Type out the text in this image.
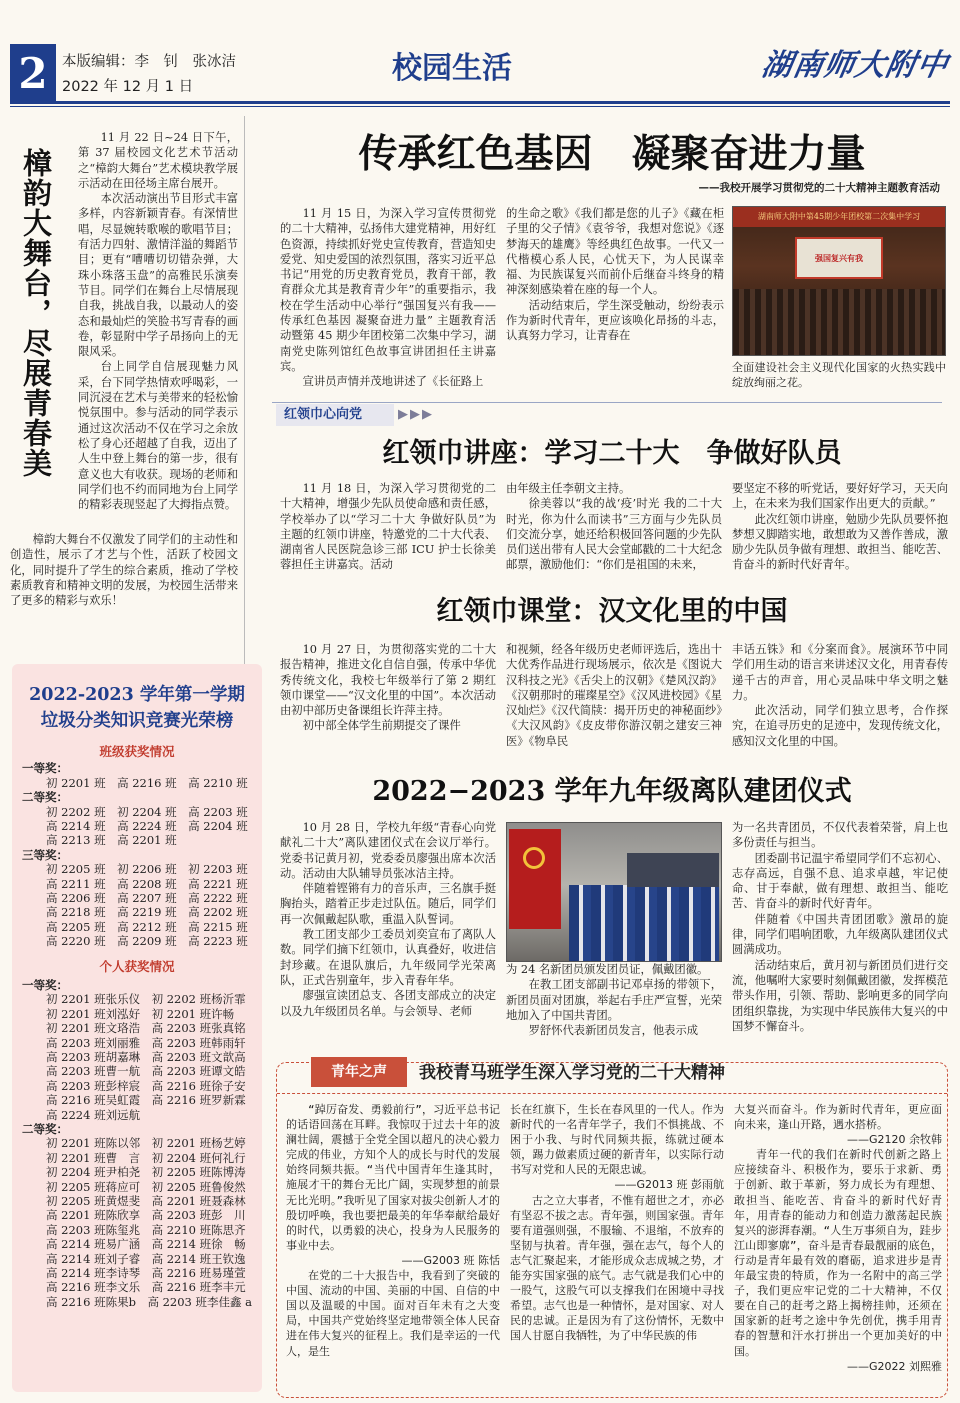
2 本版编辑：李　钊　张冰洁
2022 年 12 月 1 日
校园生活	湖南师大附中
樟韵大舞台，尽展青春美

11 月 22 日~24 日下午，第 37 届校园文化艺术节活动之“樟韵大舞台”艺术模块教学展示活动在田径场主席台展开。

本次活动演出节目形式丰富多样，内容新颖青春。有深情世唱，尽显婉转歌喉的歌唱节目；有活力四射、激情洋溢的舞蹈节目；更有“嘈嘈切切错杂弹，大珠小珠落玉盘”的高雅民乐演奏节目。同学们在舞台上尽情展现自我，挑战自我，以最动人的姿态和最灿烂的笑脸书写青春的画卷，彰显附中学子昂扬向上的无限风采。

台上同学自信展现魅力风采，台下同学热情欢呼喝彩，一同沉浸在艺术与美带来的轻松愉悦氛围中。参与活动的同学表示通过这次活动不仅在学习之余放松了身心还超越了自我，迈出了人生中登上舞台的第一步，很有意义也大有收获。现场的老师和同学们也不约而同地为台上同学的精彩表现竖起了大拇指点赞。

樟韵大舞台不仅激发了同学们的主动性和创造性，展示了才艺与个性，活跃了校园文化，同时提升了学生的综合素质，推动了学校素质教育和精神文明的发展，为校园生活带来了更多的精彩与欢乐！

2022-2023 学年第一学期
垃圾分类知识竞赛光荣榜
班级获奖情况
一等奖：
初 2201 班　高 2216 班　高 2210 班
二等奖：
初 2202 班　初 2204 班　高 2203 班
高 2214 班　高 2224 班　高 2204 班
高 2213 班　高 2201 班
三等奖：
初 2205 班　初 2206 班　初 2203 班
高 2211 班　高 2208 班　高 2221 班
高 2206 班　高 2207 班　高 2222 班
高 2218 班　高 2219 班　高 2202 班
高 2205 班　高 2212 班　高 2215 班
高 2220 班　高 2209 班　高 2223 班
个人获奖情况
一等奖：
初 2201 班张乐仪　初 2202 班杨沂霏
初 2201 班刘泓好　初 2201 班许畅
初 2201 班文珞浩　高 2203 班张真铭
高 2203 班刘丽雅　高 2203 班韩雨轩
高 2203 班胡嘉琳　高 2203 班文歆高
高 2203 班曹一航　高 2203 班谭文皓
高 2203 班彭梓宸　高 2216 班徐子安
高 2216 班吴虹霞　高 2216 班罗新霖
高 2224 班刘远航
二等奖：
初 2201 班陈以邻　初 2201 班杨艺婷
初 2201 班曹　言　初 2204 班何礼行
初 2204 班尹柏尧　初 2205 班陈博涛
初 2205 班蒋应可　初 2205 班鲁俊然
初 2205 班黄煜斐　高 2201 班聂森林
高 2201 班陈欣享　高 2203 班彭　川
高 2203 班陈玺兆　高 2210 班陈思齐
高 2214 班易广涵　高 2214 班徐　畅
高 2214 班刘子睿　高 2214 班王钦逸
高 2214 班李诗琴　高 2216 班易瑾萱
高 2216 班李文乐　高 2216 班李丰元
高 2216 班陈果b　高 2203 班李佳鑫 a
传承红色基因　凝聚奋进力量
——我校开展学习贯彻党的二十大精神主题教育活动

11 月 15 日，为深入学习宣传贯彻党的二十大精神，弘扬伟大建党精神，用好红色资源，持续抓好党史宣传教育，营造知史爱党、知史爱国的浓烈氛围，落实习近平总书记“用党的历史教育党员，教育干部，教育群众尤其是教育青少年”的重要指示，我校在学生活动中心举行“强国复兴有我——传承红色基因 凝聚奋进力量” 主题教育活动暨第 45 期少年团校第二次集中学习，湖南党史陈列馆红色故事宣讲团担任主讲嘉宾。

宣讲员声情并茂地讲述了《长征路上

的生命之歌》《我们都是您的儿子》《藏在柜子里的父子情》《袁爷爷，我想对您说》《逐梦海天的雄鹰》等经典红色故事。一代又一代楷模心系人民，心忧天下，为人民谋幸福、为民族谋复兴而前仆后继奋斗终身的精神深刻感染着在座的每一个人。

活动结束后，学生深受触动，纷纷表示作为新时代青年，更应该唤化昂扬的斗志，认真努力学习，让青春在

湖南师大附中第45期少年团校第二次集中学习
强国复兴有我
全面建设社会主义现代化国家的火热实践中绽放绚丽之花。
红领巾心向党	▶▶▶
红领巾讲座：学习二十大　争做好队员

11 月 18 日，为深入学习贯彻党的二十大精神，增强少先队员使命感和责任感，学校举办了以“学习二十大 争做好队员”为主题的红领巾讲座，特邀党的二十大代表、湖南省人民医院急诊三部 ICU 护士长徐美蓉担任主讲嘉宾。活动

由年级主任李朝文主持。

徐美蓉以“我的战‘疫’时光 我的二十大时光，你为什么而读书”三方面与少先队员们交流分享，她还给积极回答问题的少先队员们送出带有人民大会堂邮戳的二十大纪念邮票，激励他们：“你们是祖国的未来，

要坚定不移的听党话，要好好学习，天天向上，在未来为我们国家作出更大的贡献。”

此次红领巾讲座，勉励少先队员要怀抱梦想又脚踏实地，敢想敢为又善作善成，激励少先队员争做有理想、敢担当、能吃苦、肯奋斗的新时代好青年。

红领巾课堂：汉文化里的中国

10 月 27 日，为贯彻落实党的二十大报告精神，推进文化自信自强，传承中华优秀传统文化，我校七年级举行了第 2 期红领巾课堂——“汉文化里的中国”。本次活动由初中部历史备课组长许萍主持。

初中部全体学生前期提交了课件

和视频，经各年级历史老师评选后，选出十大优秀作品进行现场展示，依次是《图说大汉科技之光》《舌尖上的汉朝》《楚风汉韵》《汉朝那时的璀璨星空》《汉风进校园》《星汉灿烂》《汉代简牍：揭开历史的神秘面纱》《大汉风韵》《皮皮带你游汉朝之建安三神医》《物阜民

丰话五铢》和《分案而食》。展演环节中同学们用生动的语言来讲述汉文化，用青春传递千古的声音，用心灵品味中华文明之魅力。

此次活动，同学们独立思考，合作探究，在追寻历史的足迹中，发现传统文化，感知汉文化里的中国。

2022−2023 学年九年级离队建团仪式

10 月 28 日，学校九年级“青春心向党 献礼二十大”离队建团仪式在会议厅举行。党委书记黄月初，党委委员廖强出席本次活动。活动由大队辅导员张冰洁主持。

伴随着铿锵有力的音乐声，三名旗手挺胸抬头，踏着正步走过队伍。随后，同学们再一次佩戴起队歌，重温入队誓词。

教工团支部少工委员刘奕宣布了离队人数。同学们摘下红领巾，认真叠好，收进信封珍藏。在退队旗后，九年级同学光荣离队，正式告别童年，步入青春年华。

廖强宣读团总支、各团支部成立的决定以及九年级团员名单。与会领导、老师

为 24 名新团员颁发团员证，佩戴团徽。

在教工团支部副书记邓卓扬的带领下，新团员面对团旗，举起右手庄严宣誓，光荣地加入了中国共青团。

罗舒怀代表新团员发言，他表示成

为一名共青团员，不仅代表着荣誉，肩上也多份责任与担当。

团委副书记温宇希望同学们不忘初心、志存高远，自强不息、追求卓越，牢记使命、甘于奉献，做有理想、敢担当、能吃苦、肯奋斗的新时代好青年。

伴随着《中国共青团团歌》激昂的旋律，同学们唱响团歌，九年级离队建团仪式圆满成功。

活动结束后，黄月初与新团员们进行交流，他嘱咐大家要时刻佩戴团徽，发挥模范带头作用，引领、帮助、影响更多的同学向团组织靠拢，为实现中华民族伟大复兴的中国梦不懈奋斗。

青年之声	我校青马班学生深入学习党的二十大精神

“踔厉奋发、勇毅前行”，习近平总书记的话语回荡在耳畔。我惊叹于过去十年的波澜壮阔，震撼于全党全国以超凡的决心毅力完成的伟业，方知个人的成长与时代的发展始终同频共振。“当代中国青年生逢其时，施展才干的舞台无比广阔，实现梦想的前景无比光明。”我听见了国家对拔尖创新人才的殷切呼唤，我也要把最美的年华奉献给最好的时代，以勇毅的决心，投身为人民服务的事业中去。

——G2003 班 陈恬

在党的二十大报告中，我看到了突破的中国、流动的中国、美丽的中国、自信的中国以及温暖的中国。面对百年未有之大变局，中国共产党始终坚定地带领全体人民奋进在伟大复兴的征程上。我们是幸运的一代人，是生

长在红旗下，生长在春风里的一代人。作为新时代的一名青年学子，我们不惧挑战、不困于小我、与时代同频共振，练就过硬本领，踢力做素质过硬的新青年，以实际行动书写对党和人民的无限忠诚。

——G2013 班 彭雨航

古之立大事者，不惟有超世之才，亦必有坚忍不拔之志。青年强，则国家强。青年要有道强则强，不服输、不退缩，不放弃的坚韧与执着。青年强，强在志气，每个人的志气汇聚起来，才能形成众志成城之势，才能夯实国家强的底气。志气就是我们心中的一股气，这股气可以支撑我们在困境中寻找希望。志气也是一种情怀，是对国家、对人民的忠诚。正是因为有了这份情怀，无数中国人甘愿自我牺牲，为了中华民族的伟

大复兴而奋斗。作为新时代青年，更应面向未来，逢山开路，遇水搭桥。

——G2120 余牧韩

青年一代的我们在新时代创新之路上应接续奋斗、积极作为，要乐于求新、勇于创新、敢于革新，努力成长为有理想、敢担当、能吃苦、肯奋斗的新时代好青年，用青春的能动力和创造力激荡起民族复兴的澎湃春潮。“人生万事须自为，跬步江山即寥廓”，奋斗是青春最靓丽的底色，行动是青年最有效的磨砺，追求进步是青年最宝贵的特质，作为一名附中的高三学子，我们更应牢记党的二十大精神，不仅要在自己的赶考之路上揭榜挂帅，还须在国家新的赶考之途中争先创优，携手用青春的智慧和汗水打拼出一个更加美好的中国。

——G2022 刘熙雅
